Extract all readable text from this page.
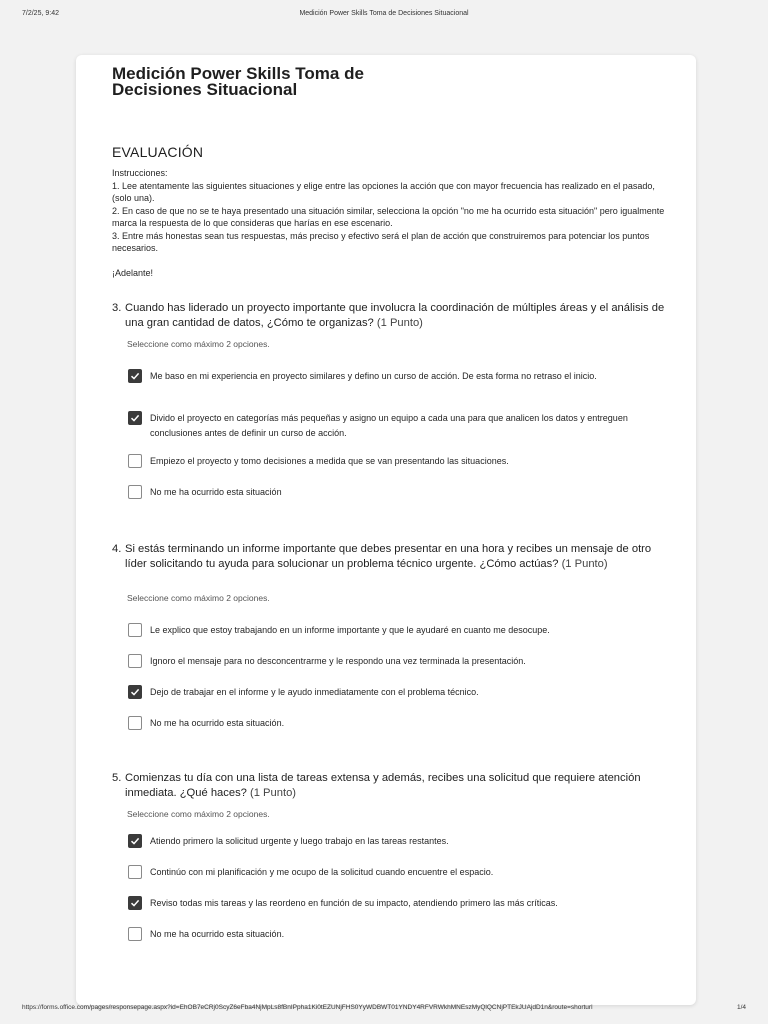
7/2/25, 9:42	Medición Power Skills Toma de Decisiones Situacional
Medición Power Skills Toma de Decisiones Situacional
EVALUACIÓN
Instrucciones:
1. Lee atentamente las siguientes situaciones y elige entre las opciones la acción que con mayor frecuencia has realizado en el pasado, (solo una).
2. En caso de que no se te haya presentado una situación similar, selecciona la opción "no me ha ocurrido esta situación" pero igualmente marca la respuesta de lo que consideras que harías en ese escenario.
3. Entre más honestas sean tus respuestas, más preciso y efectivo será el plan de acción que construiremos para potenciar los puntos necesarios.

¡Adelante!
3. Cuando has liderado un proyecto importante que involucra la coordinación de múltiples áreas y el análisis de una gran cantidad de datos, ¿Cómo te organizas? (1 Punto)
Seleccione como máximo 2 opciones.
Me baso en mi experiencia en proyecto similares y defino un curso de acción. De esta forma no retraso el inicio.
Divido el proyecto en categorías más pequeñas y asigno un equipo a cada una para que analicen los datos y entreguen conclusiones antes de definir un curso de acción.
Empiezo el proyecto y tomo decisiones a medida que se van presentando las situaciones.
No me ha ocurrido esta situación
4. Si estás terminando un informe importante que debes presentar en una hora y recibes un mensaje de otro líder solicitando tu ayuda para solucionar un problema técnico urgente. ¿Cómo actúas? (1 Punto)
Seleccione como máximo 2 opciones.
Le explico que estoy trabajando en un informe importante y que le ayudaré en cuanto me desocupe.
Ignoro el mensaje para no desconcentrarme y le respondo una vez terminada la presentación.
Dejo de trabajar en el informe y le ayudo inmediatamente con el problema técnico.
No me ha ocurrido esta situación.
5. Comienzas tu día con una lista de tareas extensa y además, recibes una solicitud que requiere atención inmediata. ¿Qué haces? (1 Punto)
Seleccione como máximo 2 opciones.
Atiendo primero la solicitud urgente y luego trabajo en las tareas restantes.
Continúo con mi planificación y me ocupo de la solicitud cuando encuentre el espacio.
Reviso todas mis tareas y las reordeno en función de su impacto, atendiendo primero las más críticas.
No me ha ocurrido esta situación.
https://forms.office.com/pages/responsepage.aspx?id=EhOB7eCRj0ScyZ6eFba4NjMpLs8fBnIPpha1Ki0tEZUNjFHS0YyWDBWT01YNDY4RFVRWkhMNEszMyQlQCNjPTEkJUAjdD1n&route=shorturl	1/4
